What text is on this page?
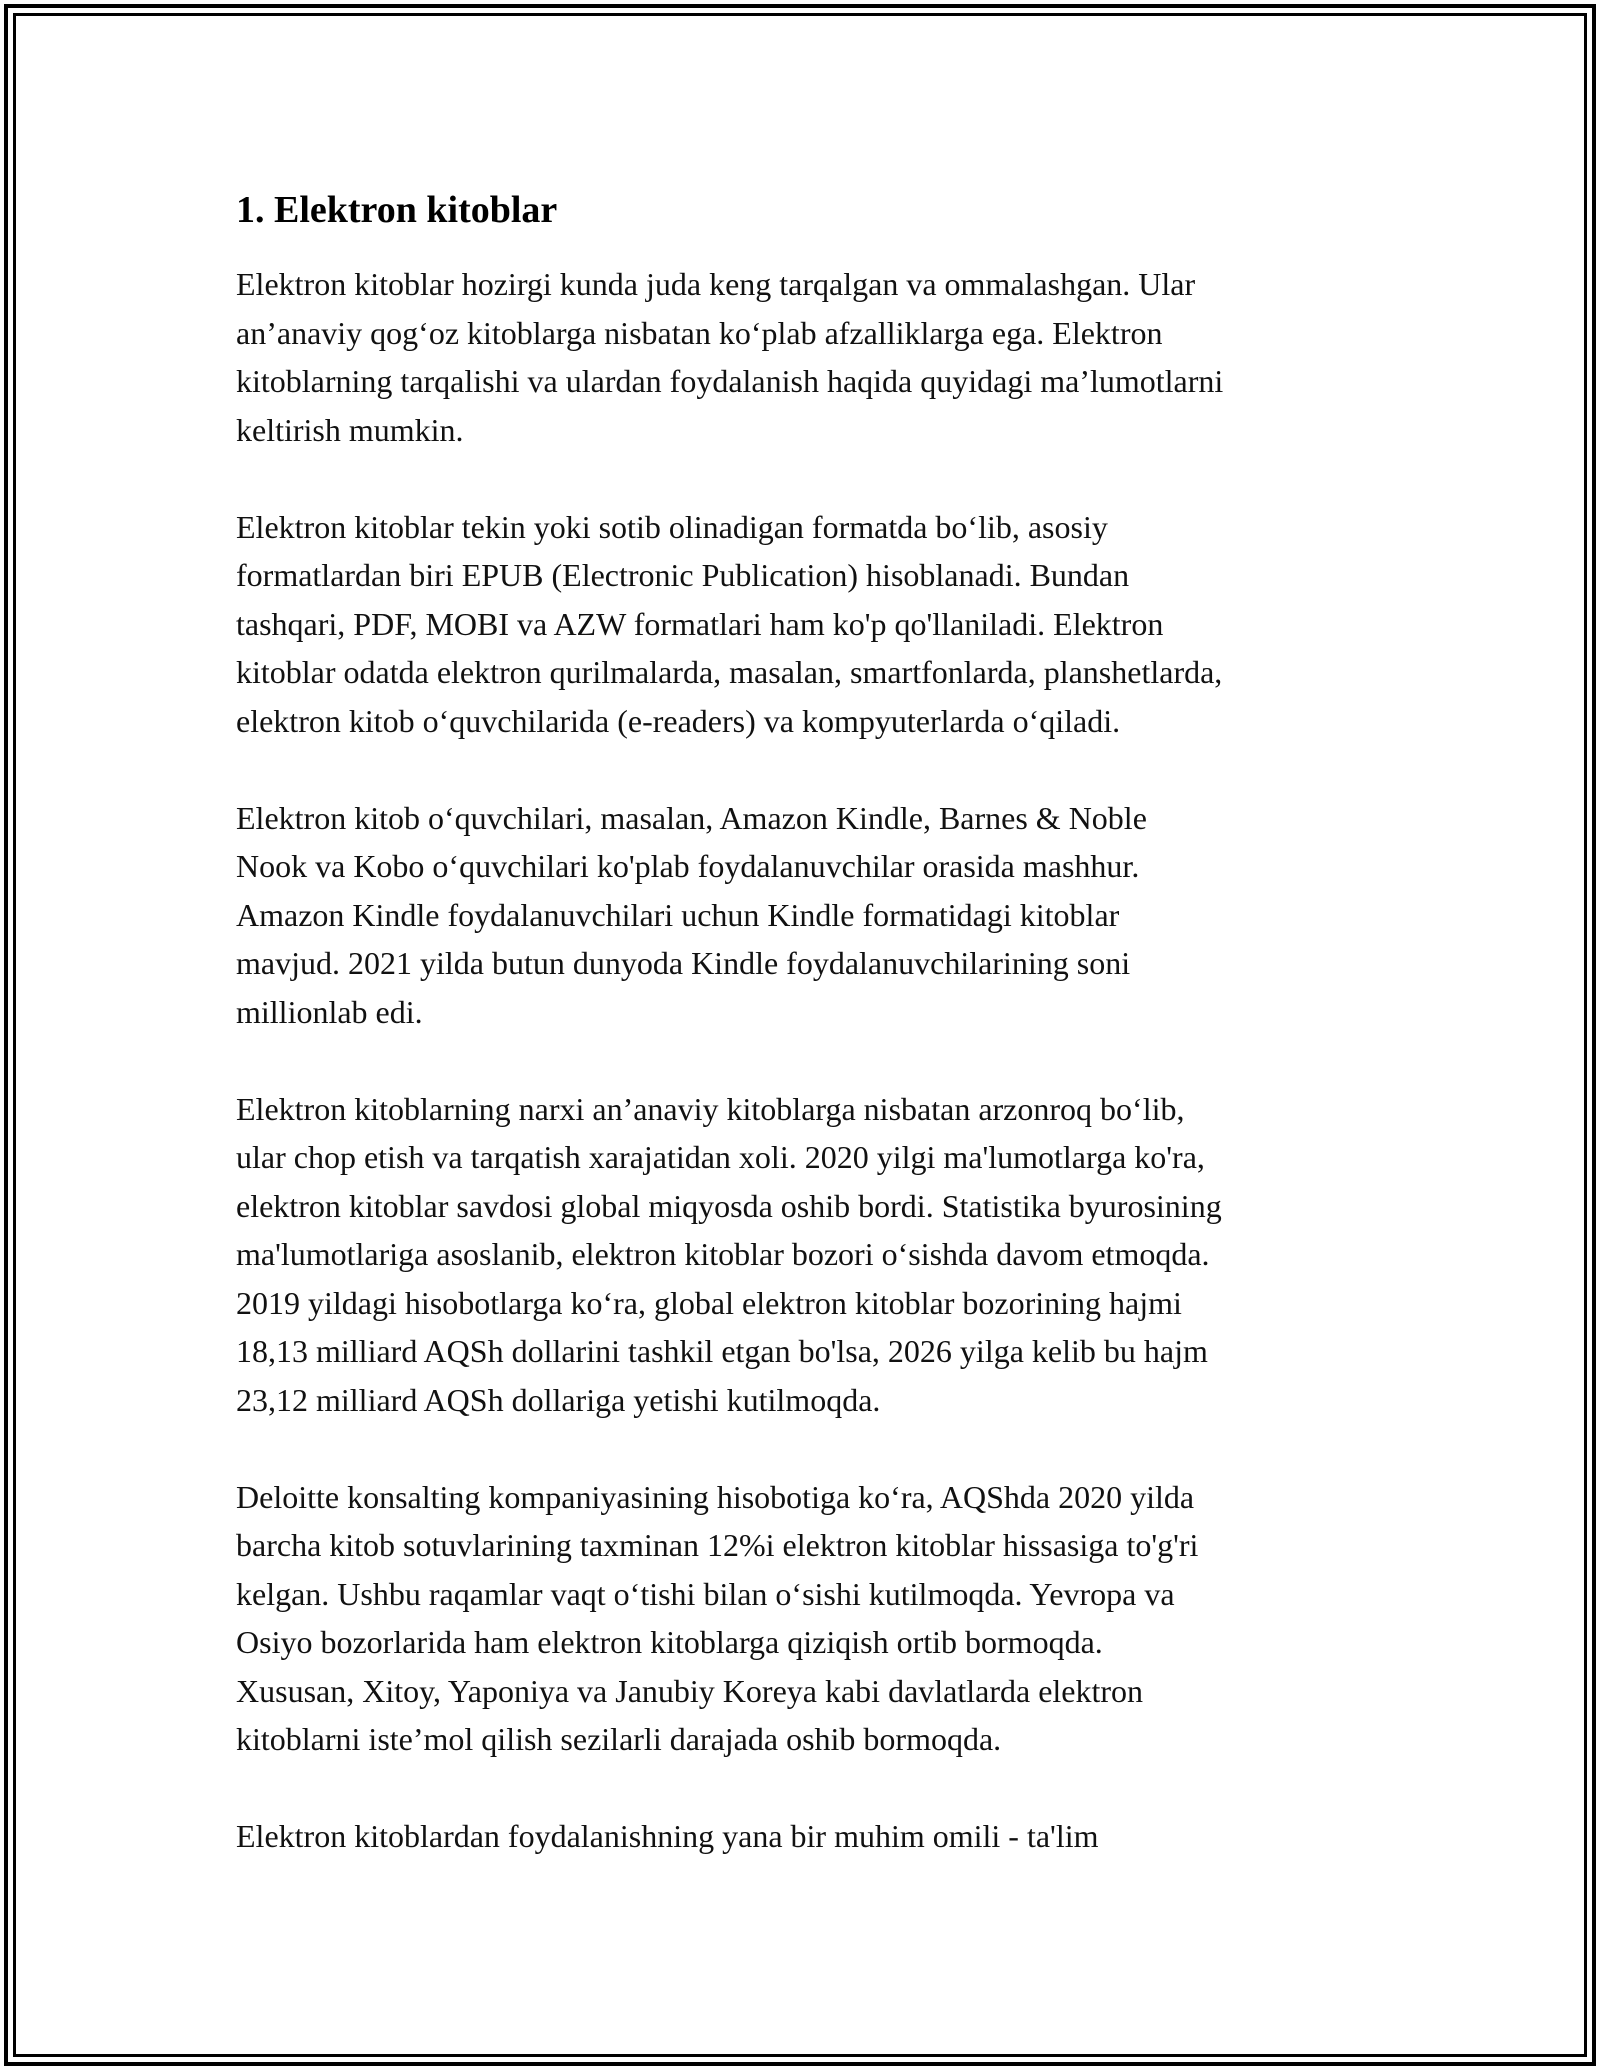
1. Elektron kitoblar

Elektron kitoblar hozirgi kunda juda keng tarqalgan va ommalashgan. Ular
an’anaviy qog‘oz kitoblarga nisbatan ko‘plab afzalliklarga ega. Elektron
kitoblarning tarqalishi va ulardan foydalanish haqida quyidagi ma’lumotlarni
keltirish mumkin.

Elektron kitoblar tekin yoki sotib olinadigan formatda bo‘lib, asosiy
formatlardan biri EPUB (Electronic Publication) hisoblanadi. Bundan
tashqari, PDF, MOBI va AZW formatlari ham ko'p qo'llaniladi. Elektron
kitoblar odatda elektron qurilmalarda, masalan, smartfonlarda, planshetlarda,
elektron kitob o‘quvchilarida (e-readers) va kompyuterlarda o‘qiladi.

Elektron kitob o‘quvchilari, masalan, Amazon Kindle, Barnes & Noble
Nook va Kobo o‘quvchilari ko'plab foydalanuvchilar orasida mashhur.
Amazon Kindle foydalanuvchilari uchun Kindle formatidagi kitoblar
mavjud. 2021 yilda butun dunyoda Kindle foydalanuvchilarining soni
millionlab edi.

Elektron kitoblarning narxi an’anaviy kitoblarga nisbatan arzonroq bo‘lib,
ular chop etish va tarqatish xarajatidan xoli. 2020 yilgi ma'lumotlarga ko'ra,
elektron kitoblar savdosi global miqyosda oshib bordi. Statistika byurosining
ma'lumotlariga asoslanib, elektron kitoblar bozori o‘sishda davom etmoqda.
2019 yildagi hisobotlarga ko‘ra, global elektron kitoblar bozorining hajmi
18,13 milliard AQSh dollarini tashkil etgan bo'lsa, 2026 yilga kelib bu hajm
23,12 milliard AQSh dollariga yetishi kutilmoqda.

Deloitte konsalting kompaniyasining hisobotiga ko‘ra, AQShda 2020 yilda
barcha kitob sotuvlarining taxminan 12%i elektron kitoblar hissasiga to'g'ri
kelgan. Ushbu raqamlar vaqt o‘tishi bilan o‘sishi kutilmoqda. Yevropa va
Osiyo bozorlarida ham elektron kitoblarga qiziqish ortib bormoqda.
Xususan, Xitoy, Yaponiya va Janubiy Koreya kabi davlatlarda elektron
kitoblarni iste’mol qilish sezilarli darajada oshib bormoqda.

Elektron kitoblardan foydalanishning yana bir muhim omili - ta'lim
